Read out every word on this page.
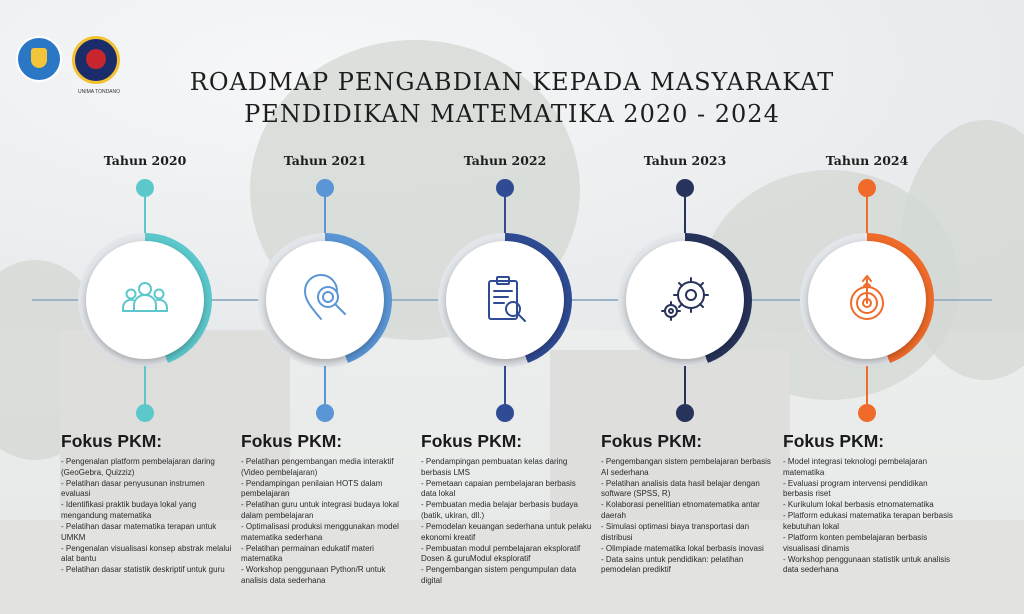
UNIMA TONDANO	ROADMAP PENGABDIAN KEPADA MASYARAKAT
PENDIDIKAN MATEMATIKA 2020 - 2024
Tahun 2020
Fokus PKM:
- Pengenalan platform pembelajaran daring (GeoGebra, Quizziz)
- Pelatihan dasar penyusunan instrumen evaluasi
- Identifikasi praktik budaya lokal yang mengandung matematika
- Pelatihan dasar matematika terapan untuk UMKM
- Pengenalan visualisasi konsep abstrak melalui alat bantu
- Pelatihan dasar statistik deskriptif untuk guru
Tahun 2021
Fokus PKM:
- Pelatihan pengembangan media interaktif (Video pembelajaran)
- Pendampingan penilaian HOTS dalam pembelajaran
- Pelatihan guru untuk integrasi budaya lokal dalam pembelajaran
- Optimalisasi produksi menggunakan model matematika sederhana
- Pelatihan permainan edukatif materi matematika
- Workshop penggunaan Python/R untuk analisis data sederhana
Tahun 2022
Fokus PKM:
- Pendampingan pembuatan kelas daring berbasis LMS
- Pemetaan capaian pembelajaran berbasis data lokal
- Pembuatan media belajar berbasis budaya (batik, ukiran, dll.)
- Pemodelan keuangan sederhana untuk pelaku ekonomi kreatif
- Pembuatan modul pembelajaran eksploratif Dosen & guruModul eksploratif
- Pengembangan sistem pengumpulan data digital
Tahun 2023
Fokus PKM:
- Pengembangan sistem pembelajaran berbasis AI sederhana
- Pelatihan analisis data hasil belajar dengan software (SPSS, R)
- Kolaborasi penelitian etnomatematika antar daerah
- Simulasi optimasi biaya transportasi dan distribusi
- Olimpiade matematika lokal berbasis inovasi
- Data sains untuk pendidikan: pelatihan pemodelan prediktif
Tahun 2024
Fokus PKM:
- Model integrasi teknologi pembelajaran matematika
- Evaluasi program intervensi pendidikan berbasis riset
- Kurikulum lokal berbasis etnomatematika
- Platform edukasi matematika terapan berbasis kebutuhan lokal
- Platform konten pembelajaran berbasis visualisasi dinamis
- Workshop penggunaan statistik untuk analisis data sederhana
